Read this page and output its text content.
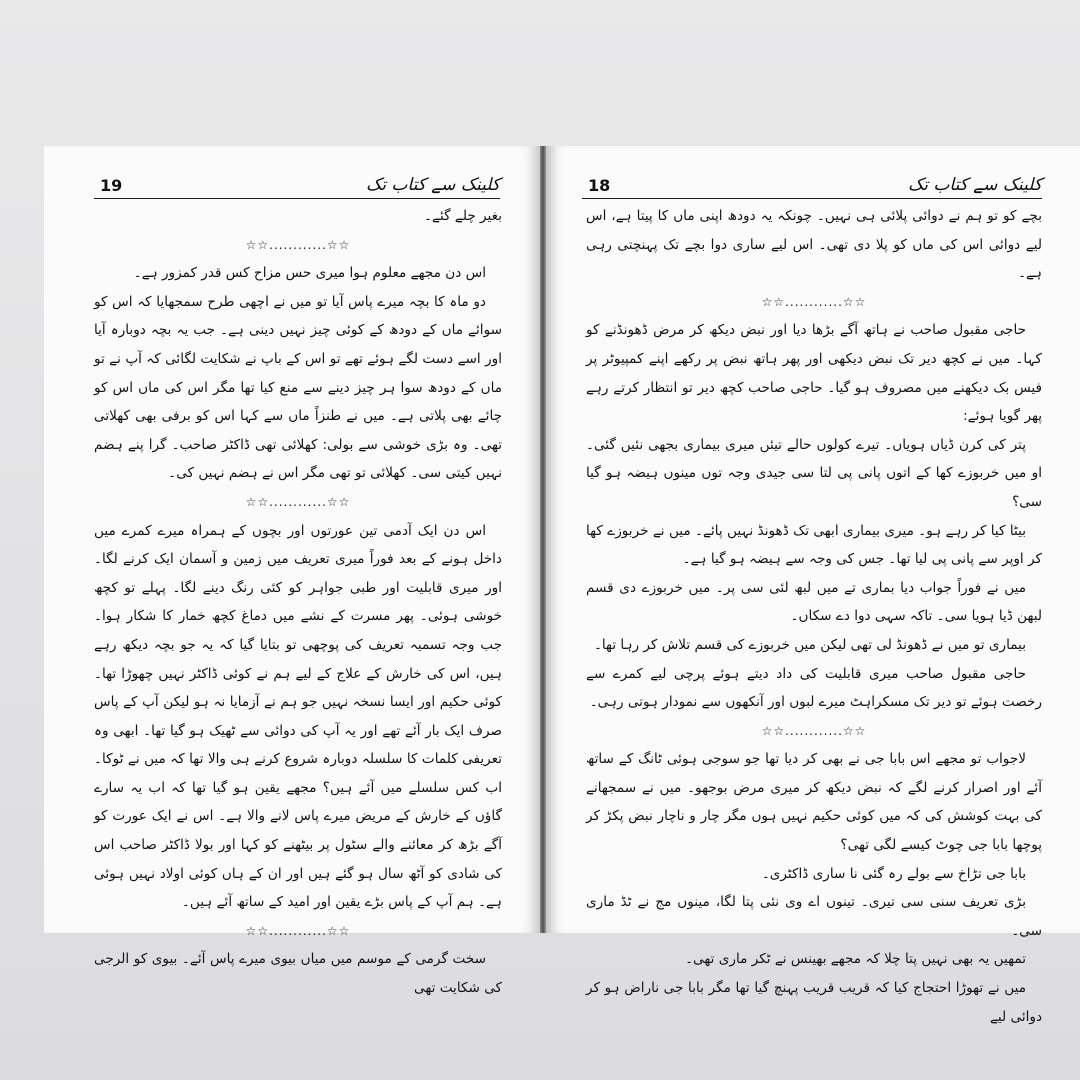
19	کلینک سے کتاب تک

بغیر چلے گئے۔

☆☆............☆☆

اس دن مجھے معلوم ہوا میری حس مزاح کس قدر کمزور ہے۔

دو ماہ کا بچہ میرے پاس آیا تو میں نے اچھی طرح سمجھایا کہ اس کو سوائے ماں کے دودھ کے کوئی چیز نہیں دینی ہے۔ جب یہ بچہ دوبارہ آیا اور اسے دست لگے ہوئے تھے تو اس کے باپ نے شکایت لگائی کہ آپ نے تو ماں کے دودھ سوا ہر چیز دینے سے منع کیا تھا مگر اس کی ماں اس کو چائے بھی پلاتی ہے۔ میں نے طنزاً ماں سے کہا اس کو برفی بھی کھلاتی تھی۔ وہ بڑی خوشی سے بولی: کھلائی تھی ڈاکٹر صاحب۔ گرا پنے ہضم نہیں کیتی سی۔ کھلائی تو تھی مگر اس نے ہضم نہیں کی۔

☆☆............☆☆

اس دن ایک آدمی تین عورتوں اور بچوں کے ہمراہ میرے کمرے میں داخل ہونے کے بعد فوراً میری تعریف میں زمین و آسمان ایک کرنے لگا۔ اور میری قابلیت اور طبی جواہر کو کئی رنگ دینے لگا۔ پہلے تو کچھ خوشی ہوئی۔ پھر مسرت کے نشے میں دماغ کچھ خمار کا شکار ہوا۔ جب وجہ تسمیہ تعریف کی پوچھی تو بتایا گیا کہ یہ جو بچہ دیکھ رہے ہیں، اس کی خارش کے علاج کے لیے ہم نے کوئی ڈاکٹر نہیں چھوڑا تھا۔ کوئی حکیم اور ایسا نسخہ نہیں جو ہم نے آزمایا نہ ہو لیکن آپ کے پاس صرف ایک بار آئے تھے اور یہ آپ کی دوائی سے ٹھیک ہو گیا تھا۔ ابھی وہ تعریفی کلمات کا سلسلہ دوبارہ شروع کرنے ہی والا تھا کہ میں نے ٹوکا۔ اب کس سلسلے میں آئے ہیں؟ مجھے یقین ہو گیا تھا کہ اب یہ سارے گاؤں کے خارش کے مریض میرے پاس لانے والا ہے۔ اس نے ایک عورت کو آگے بڑھ کر معائنے والے سٹول پر بیٹھنے کو کہا اور بولا ڈاکٹر صاحب اس کی شادی کو آٹھ سال ہو گئے ہیں اور ان کے ہاں کوئی اولاد نہیں ہوئی ہے۔ ہم آپ کے پاس بڑے یقین اور امید کے ساتھ آئے ہیں۔

☆☆............☆☆

سخت گرمی کے موسم میں میاں بیوی میرے پاس آئے۔ بیوی کو الرجی کی شکایت تھی

18	کلینک سے کتاب تک

بچے کو تو ہم نے دوائی پلائی ہی نہیں۔ چونکہ یہ دودھ اپنی ماں کا پیتا ہے، اس لیے دوائی اس کی ماں کو پلا دی تھی۔ اس لیے ساری دوا بچے تک پہنچتی رہی ہے۔

☆☆............☆☆

حاجی مقبول صاحب نے ہاتھ آگے بڑھا دیا اور نبض دیکھ کر مرض ڈھونڈنے کو کہا۔ میں نے کچھ دیر تک نبض دیکھی اور پھر ہاتھ نبض پر رکھے اپنے کمپیوٹر پر فیس بک دیکھنے میں مصروف ہو گیا۔ حاجی صاحب کچھ دیر تو انتظار کرتے رہے پھر گویا ہوئے:

پتر کی کرن ڈیاں ہویاں۔ تیرے کولوں حالے تیئں میری بیماری بجھی نئیں گئی۔ او میں خربوزے کھا کے اتوں پانی پی لتا سی جیدی وجہ توں مینوں ہیضہ ہو گیا سی؟

بیٹا کیا کر رہے ہو۔ میری بیماری ابھی تک ڈھونڈ نہیں پائے۔ میں نے خربوزے کھا کر اوپر سے پانی پی لیا تھا۔ جس کی وجہ سے ہیضہ ہو گیا ہے۔

میں نے فوراً جواب دیا بماری تے میں لبھ لئی سی پر۔ میں خربوزے دی قسم لبھن ڈیا ہویا سی۔ تاکہ سہی دوا دے سکاں۔

بیماری تو میں نے ڈھونڈ لی تھی لیکن میں خربوزے کی قسم تلاش کر رہا تھا۔

حاجی مقبول صاحب میری قابلیت کی داد دیتے ہوئے پرچی لیے کمرے سے رخصت ہوئے تو دیر تک مسکراہٹ میرے لبوں اور آنکھوں سے نمودار ہوتی رہی۔

☆☆............☆☆

لاجواب تو مجھے اس بابا جی نے بھی کر دیا تھا جو سوجی ہوئی ٹانگ کے ساتھ آئے اور اصرار کرنے لگے کہ نبض دیکھ کر میری مرض بوجھو۔ میں نے سمجھانے کی بہت کوشش کی کہ میں کوئی حکیم نہیں ہوں مگر چار و ناچار نبض پکڑ کر پوچھا بابا جی چوٹ کیسے لگی تھی؟

بابا جی تڑاخ سے بولے رہ گئی نا ساری ڈاکٹری۔

بڑی تعریف سنی سی تیری۔ تینوں اے وی نئی پتا لگا، مینوں مج نے ٹڈ ماری سی۔

تمھیں یہ بھی نہیں پتا چلا کہ مجھے بھینس نے ٹکر ماری تھی۔

میں نے تھوڑا احتجاج کیا کہ قریب قریب پہنچ گیا تھا مگر بابا جی ناراض ہو کر دوائی لیے
